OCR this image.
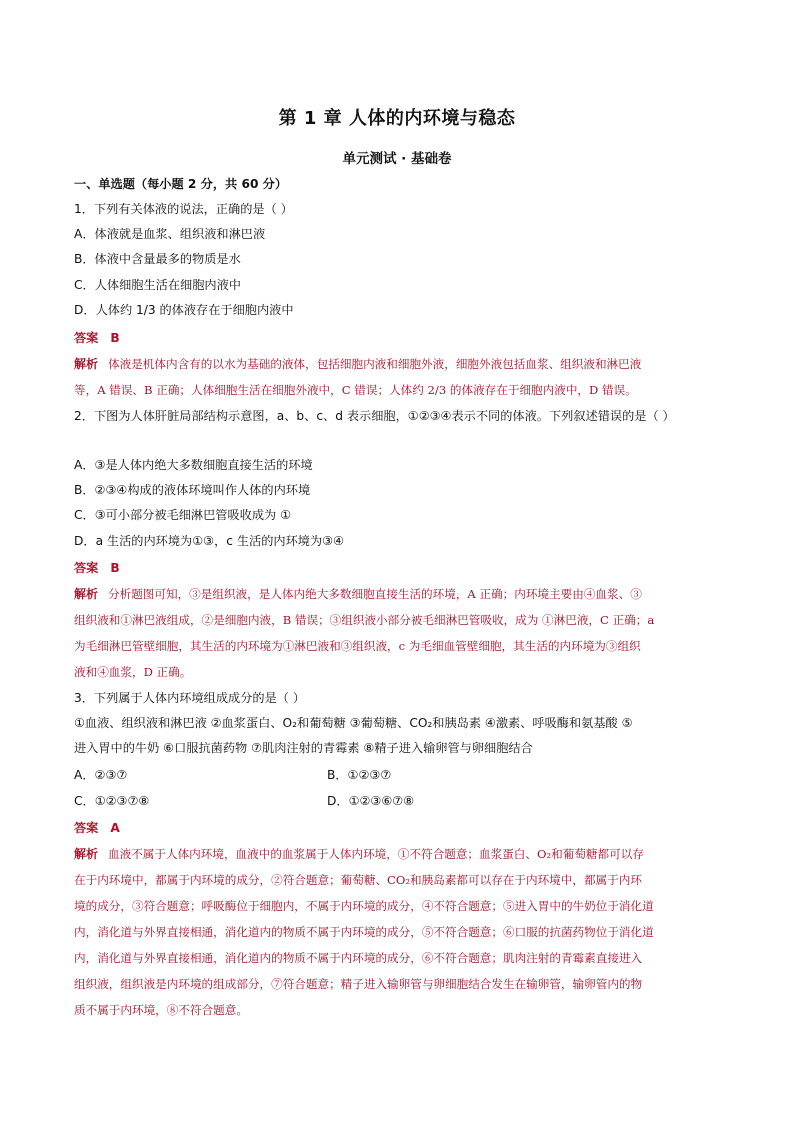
第 1 章 人体的内环境与稳态
单元测试 · 基础卷
一、单选题（每小题 2 分，共 60 分）
1．下列有关体液的说法，正确的是（ ）
A．体液就是血浆、组织液和淋巴液
B．体液中含量最多的物质是水
C．人体细胞生活在细胞内液中
D．人体约 1/3 的体液存在于细胞内液中
答案 B
解析 体液是机体内含有的以水为基础的液体，包括细胞内液和细胞外液，细胞外液包括血浆、组织液和淋巴液
等，A 错误、B 正确；人体细胞生活在细胞外液中，C 错误；人体约 2/3 的体液存在于细胞内液中，D 错误。
2．下图为人体肝脏局部结构示意图，a、b、c、d 表示细胞，①②③④表示不同的体液。下列叙述错误的是（ ）
A．③是人体内绝大多数细胞直接生活的环境
B．②③④构成的液体环境叫作人体的内环境
C．③可小部分被毛细淋巴管吸收成为 ①
D．a 生活的内环境为①③，c 生活的内环境为③④
答案 B
解析 分析题图可知，③是组织液，是人体内绝大多数细胞直接生活的环境，A 正确；内环境主要由④血浆、③
组织液和①淋巴液组成，②是细胞内液，B 错误；③组织液小部分被毛细淋巴管吸收，成为 ①淋巴液，C 正确；a
为毛细淋巴管壁细胞，其生活的内环境为①淋巴液和③组织液，c 为毛细血管壁细胞，其生活的内环境为③组织
液和④血浆，D 正确。
3．下列属于人体内环境组成成分的是（ ）
①血液、组织液和淋巴液 ②血浆蛋白、O₂和葡萄糖 ③葡萄糖、CO₂和胰岛素 ④激素、呼吸酶和氨基酸 ⑤
进入胃中的牛奶 ⑥口服抗菌药物 ⑦肌肉注射的青霉素 ⑧精子进入输卵管与卵细胞结合
A．②③⑦	B．①②③⑦
C．①②③⑦⑧	D．①②③⑥⑦⑧
答案 A
解析 血液不属于人体内环境，血液中的血浆属于人体内环境，①不符合题意；血浆蛋白、O₂和葡萄糖都可以存
在于内环境中，都属于内环境的成分，②符合题意；葡萄糖、CO₂和胰岛素都可以存在于内环境中，都属于内环
境的成分，③符合题意；呼吸酶位于细胞内，不属于内环境的成分，④不符合题意；⑤进入胃中的牛奶位于消化道
内，消化道与外界直接相通，消化道内的物质不属于内环境的成分，⑤不符合题意；⑥口服的抗菌药物位于消化道
内，消化道与外界直接相通，消化道内的物质不属于内环境的成分，⑥不符合题意；肌肉注射的青霉素直接进入
组织液，组织液是内环境的组成部分，⑦符合题意；精子进入输卵管与卵细胞结合发生在输卵管，输卵管内的物
质不属于内环境，⑧不符合题意。
